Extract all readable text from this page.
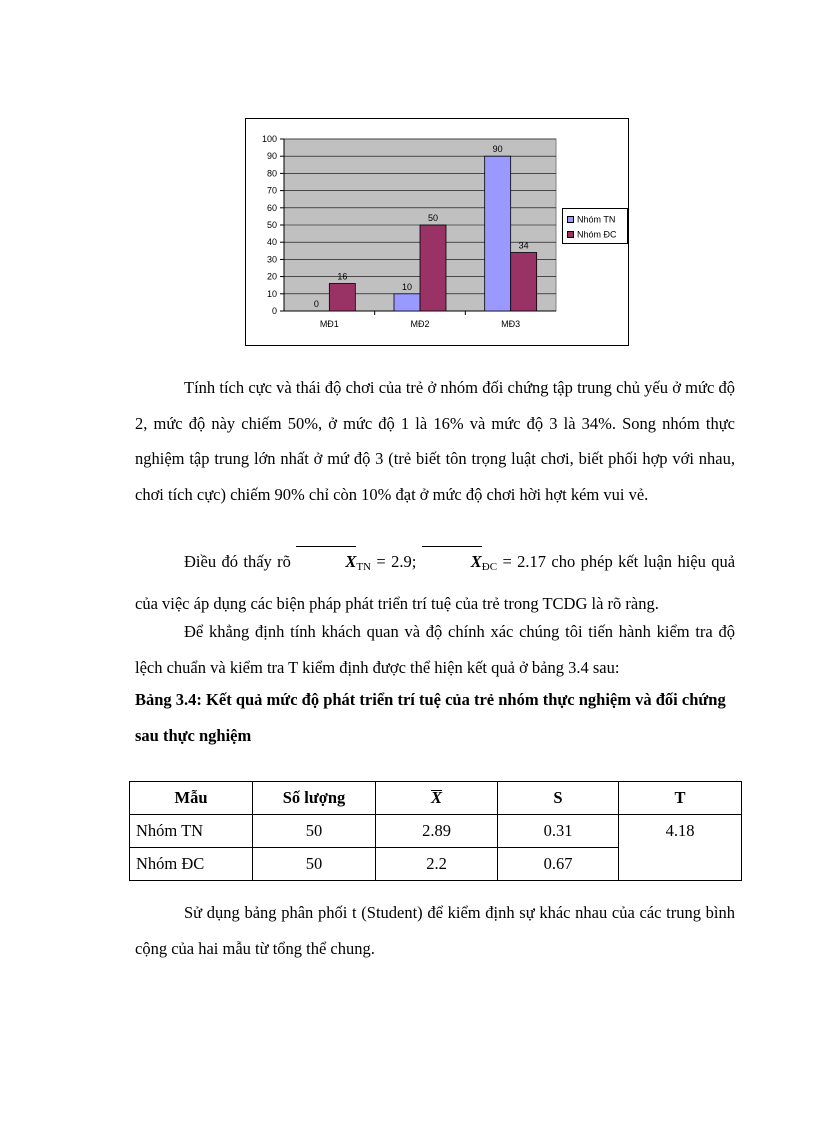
0
10
20
30
40
50
60
70
80
90
100
0
16
MĐ1
10
50
MĐ2
90
34
MĐ3
Nhóm TN
Nhóm ĐC
Tính tích cực và thái độ chơi của trẻ ở nhóm đối chứng tập trung chủ yếu ở mức độ 2, mức độ này chiếm 50%, ở mức độ 1 là 16% và mức độ 3 là 34%. Song nhóm thực nghiệm tập trung lớn nhất ở mứ độ 3 (trẻ biết tôn trọng luật chơi, biết phối hợp với nhau, chơi tích cực) chiếm 90% chỉ còn 10% đạt ở mức độ chơi hời hợt kém vui vẻ.
Điều đó thấy rõ	$X_{TN} = 2.9$;	$X_{ĐC} = 2.17$ cho phép kết luận hiệu quả của việc áp dụng các biện pháp phát triển trí tuệ của trẻ trong TCDG là rõ ràng.
Để khẳng định tính khách quan và độ chính xác chúng tôi tiến hành kiểm tra độ lệch chuẩn và kiểm tra T kiểm định được thể hiện kết quả ở bảng 3.4 sau:
Bảng 3.4: Kết quả mức độ phát triển trí tuệ của trẻ nhóm thực nghiệm và đối chứng sau thực nghiệm
Mẫu	Số lượng	X	S	T
Nhóm TN	50	2.89	0.31	4.18
Nhóm ĐC	50	2.2	0.67	
Sử dụng bảng phân phối t (Student) để kiểm định sự khác nhau của các trung bình cộng của hai mẫu từ tổng thể chung.
